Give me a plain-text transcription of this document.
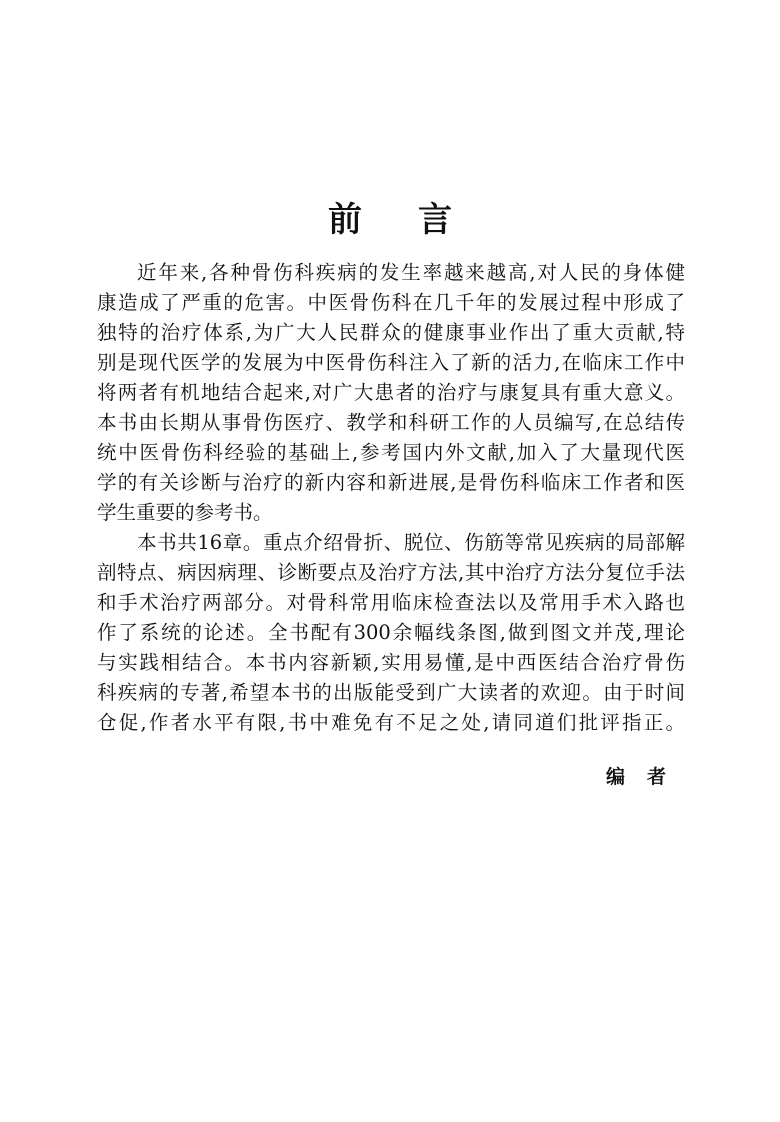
前 言
近年来,各种骨伤科疾病的发生率越来越高,对人民的身体健
康造成了严重的危害。中医骨伤科在几千年的发展过程中形成了
独特的治疗体系,为广大人民群众的健康事业作出了重大贡献,特
别是现代医学的发展为中医骨伤科注入了新的活力,在临床工作中
将两者有机地结合起来,对广大患者的治疗与康复具有重大意义。
本书由长期从事骨伤医疗、教学和科研工作的人员编写,在总结传
统中医骨伤科经验的基础上,参考国内外文献,加入了大量现代医
学的有关诊断与治疗的新内容和新进展,是骨伤科临床工作者和医
学生重要的参考书。
本书共16章。重点介绍骨折、脱位、伤筋等常见疾病的局部解
剖特点、病因病理、诊断要点及治疗方法,其中治疗方法分复位手法
和手术治疗两部分。对骨科常用临床检查法以及常用手术入路也
作了系统的论述。全书配有300余幅线条图,做到图文并茂,理论
与实践相结合。本书内容新颖,实用易懂,是中西医结合治疗骨伤
科疾病的专著,希望本书的出版能受到广大读者的欢迎。由于时间
仓促,作者水平有限,书中难免有不足之处,请同道们批评指正。
编 者
